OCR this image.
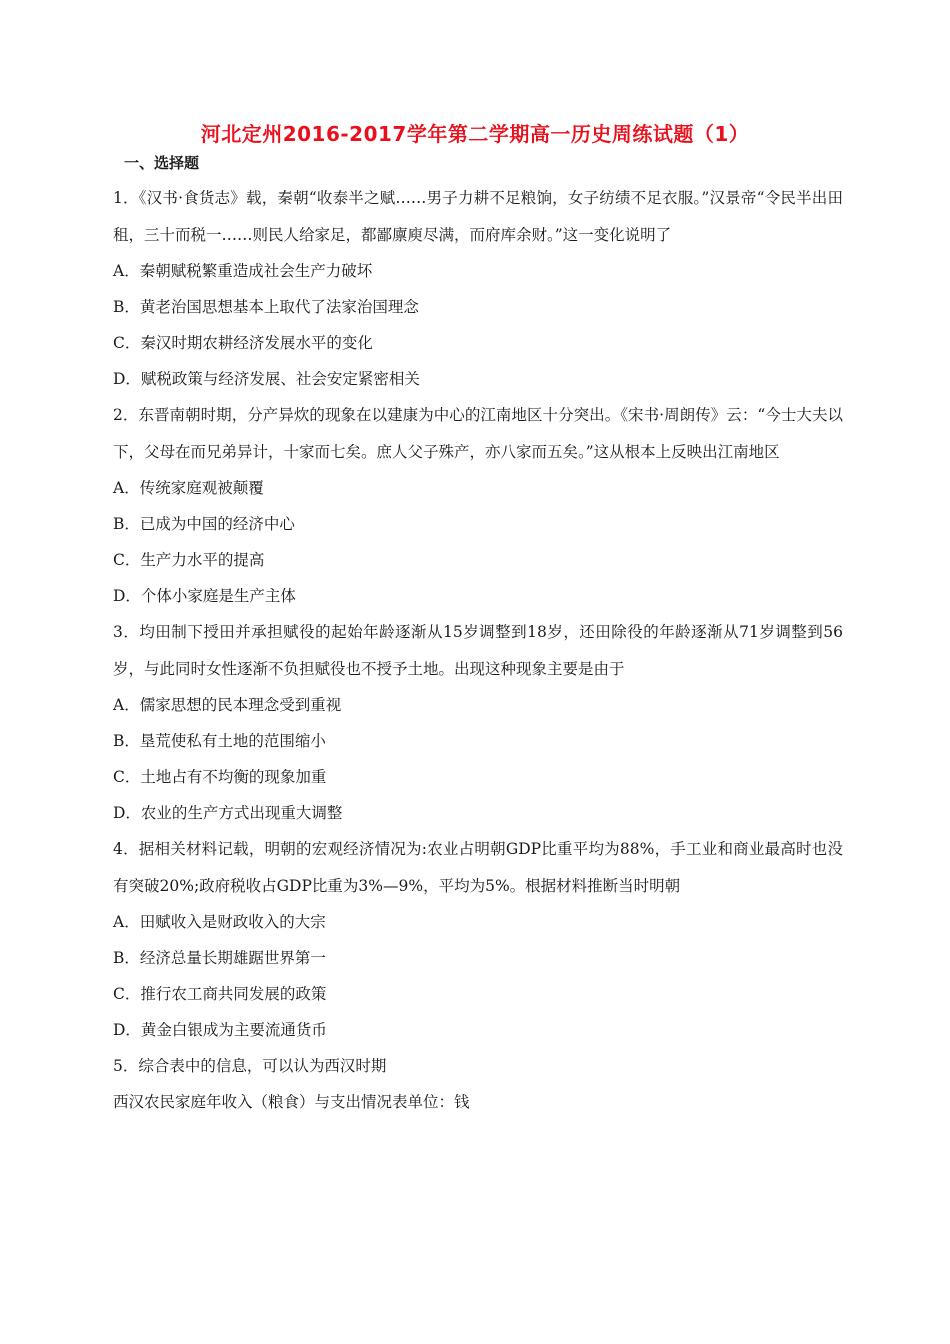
河北定州2016-2017学年第二学期高一历史周练试题（1）
一、选择题

1．《汉书·食货志》载，秦朝“收泰半之赋……男子力耕不足粮饷，女子纺绩不足衣服。”汉景帝“令民半出田租，三十而税一……则民人给家足，都鄙廪庾尽满，而府库余财。”这一变化说明了

A．秦朝赋税繁重造成社会生产力破坏

B．黄老治国思想基本上取代了法家治国理念

C．秦汉时期农耕经济发展水平的变化

D．赋税政策与经济发展、社会安定紧密相关

2．东晋南朝时期，分产异炊的现象在以建康为中心的江南地区十分突出。《宋书·周朗传》云：“今士大夫以下，父母在而兄弟异计，十家而七矣。庶人父子殊产，亦八家而五矣。”这从根本上反映出江南地区

A．传统家庭观被颠覆

B．已成为中国的经济中心

C．生产力水平的提高

D．个体小家庭是生产主体

3．均田制下授田并承担赋役的起始年龄逐渐从15岁调整到18岁，还田除役的年龄逐渐从71岁调整到56岁，与此同时女性逐渐不负担赋役也不授予土地。出现这种现象主要是由于

A．儒家思想的民本理念受到重视

B．垦荒使私有土地的范围缩小

C．土地占有不均衡的现象加重

D．农业的生产方式出现重大调整

4．据相关材料记载，明朝的宏观经济情况为:农业占明朝GDP比重平均为88%，手工业和商业最高时也没有突破20%;政府税收占GDP比重为3%—9%，平均为5%。根据材料推断当时明朝

A．田赋收入是财政收入的大宗

B．经济总量长期雄踞世界第一

C．推行农工商共同发展的政策

D．黄金白银成为主要流通货币

5．综合表中的信息，可以认为西汉时期

西汉农民家庭年收入（粮食）与支出情况表单位：钱
